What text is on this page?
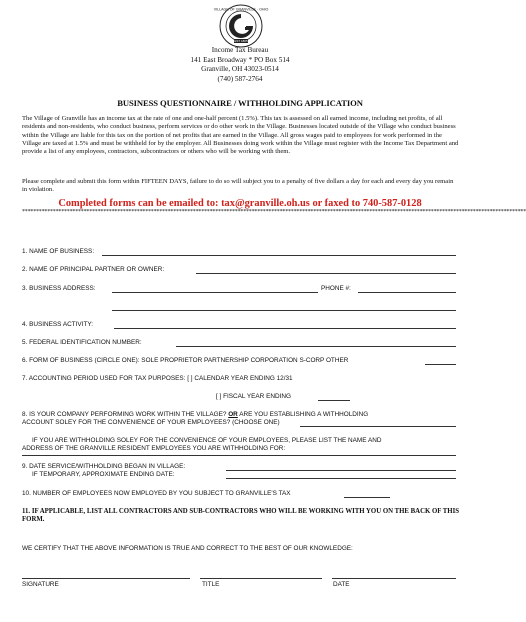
VILLAGE OF GRANVILLE · OHIO
EST 1805
Income Tax Bureau
141 East Broadway * PO Box 514
Granville, OH 43023-0514
(740) 587-2764
BUSINESS QUESTIONNAIRE / WITHHOLDING APPLICATION

The Village of Granville has an income tax at the rate of one and one-half percent (1.5%). This tax is assessed on all earned income, including net profits, of all residents and non-residents, who conduct business, perform services or do other work in the Village. Businesses located outside of the Village who conduct business within the Village are liable for this tax on the portion of net profits that are earned in the Village. All gross wages paid to employees for work performed in the Village are taxed at 1.5% and must be withheld for by the employer. All Businesses doing work within the Village must register with the Income Tax Department and provide a list of any employees, contractors, subcontractors or others who will be working with them.

Please complete and submit this form within FIFTEEN DAYS, failure to do so will subject you to a penalty of five dollars a day for each and every day you remain in violation.
Completed forms can be emailed to: tax@granville.oh.us or faxed to 740-587-0128
************************************************************************************************************************************************************************************
1. NAME OF BUSINESS:
2. NAME OF PRINCIPAL PARTNER OR OWNER:
3. BUSINESS ADDRESS:	PHONE #:
4. BUSINESS ACTIVITY:
5. FEDERAL IDENTIFICATION NUMBER:
6. FORM OF BUSINESS (CIRCLE ONE): SOLE PROPRIETOR PARTNERSHIP CORPORATION S-CORP OTHER
7. ACCOUNTING PERIOD USED FOR TAX PURPOSES: [ ] CALENDAR YEAR ENDING 12/31
[ ] FISCAL YEAR ENDING
8. IS YOUR COMPANY PERFORMING WORK WITHIN THE VILLAGE? OR ARE YOU ESTABLISHING A WITHHOLDING
ACCOUNT SOLEY FOR THE CONVENIENCE OF YOUR EMPLOYEES? (CHOOSE ONE)
IF YOU ARE WITHHOLDING SOLEY FOR THE CONVENIENCE OF YOUR EMPLOYEES, PLEASE LIST THE NAME AND
ADDRESS OF THE GRANVILLE RESIDENT EMPLOYEES YOU ARE WITHHOLDING FOR:
9. DATE SERVICE/WITHHOLDING BEGAN IN VILLAGE:
IF TEMPORARY, APPROXIMATE ENDING DATE:
10. NUMBER OF EMPLOYEES NOW EMPLOYED BY YOU SUBJECT TO GRANVILLE'S TAX
11. IF APPLICABLE, LIST ALL CONTRACTORS AND SUB-CONTRACTORS WHO WILL BE WORKING WITH YOU ON THE BACK OF THIS FORM.
WE CERTIFY THAT THE ABOVE INFORMATION IS TRUE AND CORRECT TO THE BEST OF OUR KNOWLEDGE:
SIGNATURE	TITLE	DATE
